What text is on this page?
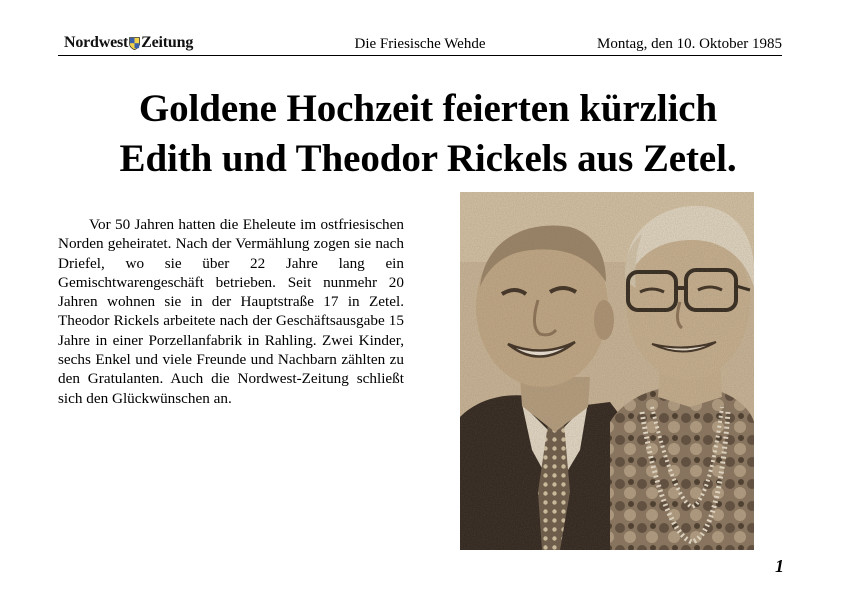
Nordwest Zeitung	Die Friesische Wehde	Montag, den 10. Oktober 1985
Goldene Hochzeit feierten kürzlich
Edith und Theodor Rickels aus Zetel.

Vor 50 Jahren hatten die Eheleute im ostfriesischen Norden geheiratet. Nach der Vermählung zogen sie nach Driefel, wo sie über 22 Jahre lang ein Gemischtwarengeschäft betrieben. Seit nunmehr 20 Jahren wohnen sie in der Hauptstraße 17 in Zetel. Theodor Rickels arbeitete nach der Geschäftsausgabe 15 Jahre in einer Porzellanfabrik in Rahling. Zwei Kinder, sechs Enkel und viele Freunde und Nachbarn zählten zu den Gratulanten. Auch die Nordwest-Zeitung schließt sich den Glückwünschen an.

1
